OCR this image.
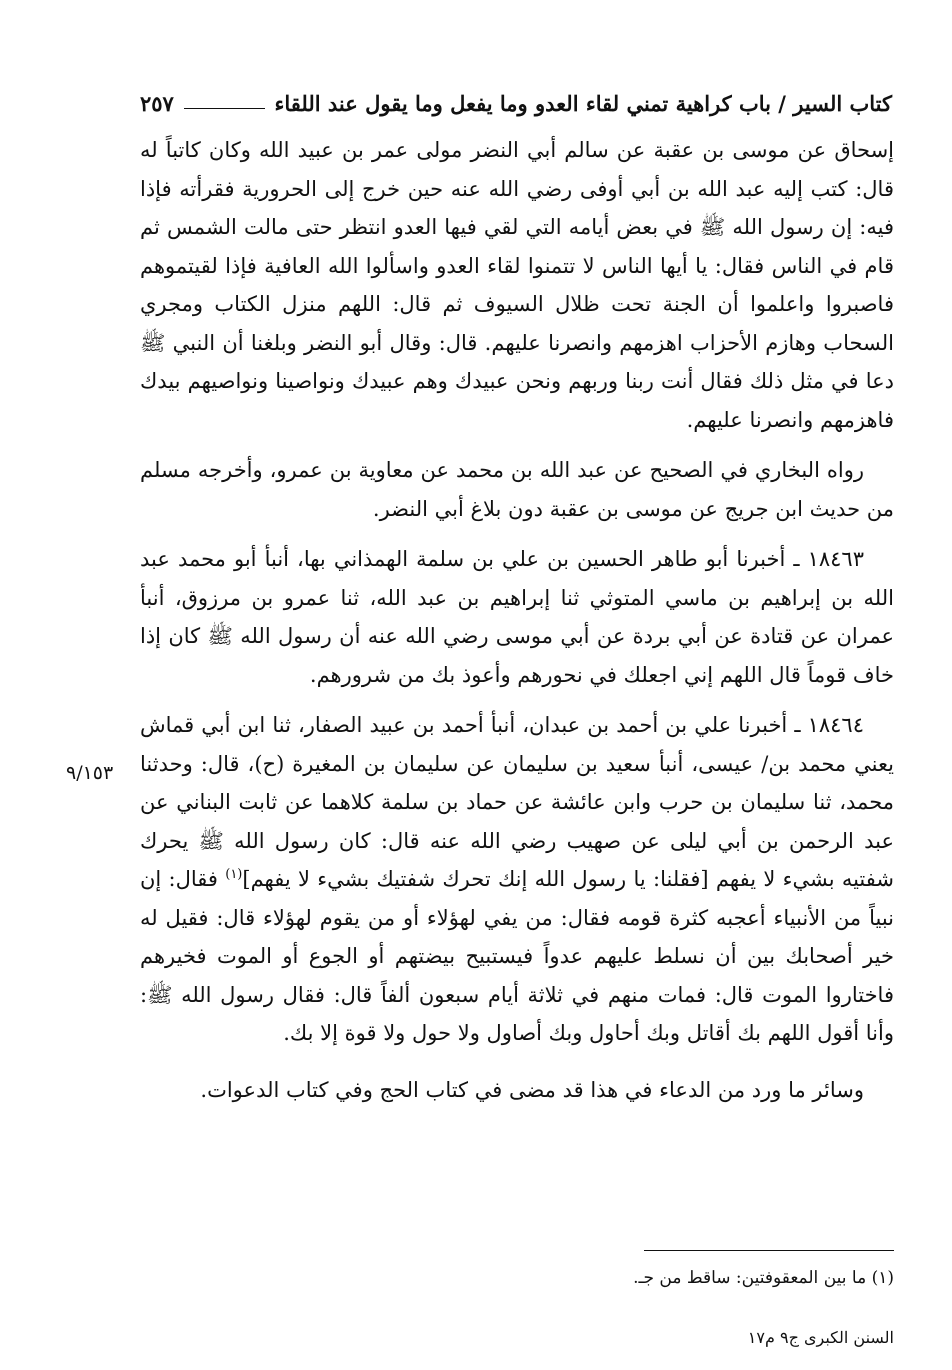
كتاب السير / باب كراهية تمني لقاء العدو وما يفعل وما يقول عند اللقاء
٢٥٧

إسحاق عن موسى بن عقبة عن سالم أبي النضر مولى عمر بن عبيد الله وكان كاتباً له قال: كتب إليه عبد الله بن أبي أوفى رضي الله عنه حين خرج إلى الحرورية فقرأته فإذا فيه: إن رسول الله ﷺ في بعض أيامه التي لقي فيها العدو انتظر حتى مالت الشمس ثم قام في الناس فقال: يا أيها الناس لا تتمنوا لقاء العدو واسألوا الله العافية فإذا لقيتموهم فاصبروا واعلموا أن الجنة تحت ظلال السيوف ثم قال: اللهم منزل الكتاب ومجري السحاب وهازم الأحزاب اهزمهم وانصرنا عليهم. قال: وقال أبو النضر وبلغنا أن النبي ﷺ دعا في مثل ذلك فقال أنت ربنا وربهم ونحن عبيدك وهم عبيدك ونواصينا ونواصيهم بيدك فاهزمهم وانصرنا عليهم.

رواه البخاري في الصحيح عن عبد الله بن محمد عن معاوية بن عمرو، وأخرجه مسلم من حديث ابن جريج عن موسى بن عقبة دون بلاغ أبي النضر.

١٨٤٦٣ ـ أخبرنا أبو طاهر الحسين بن علي بن سلمة الهمذاني بها، أنبأ أبو محمد عبد الله بن إبراهيم بن ماسي المتوثي ثنا إبراهيم بن عبد الله، ثنا عمرو بن مرزوق، أنبأ عمران عن قتادة عن أبي بردة عن أبي موسى رضي الله عنه أن رسول الله ﷺ كان إذا خاف قوماً قال اللهم إني اجعلك في نحورهم وأعوذ بك من شرورهم.

١٨٤٦٤ ـ أخبرنا علي بن أحمد بن عبدان، أنبأ أحمد بن عبيد الصفار، ثنا ابن أبي قماش يعني محمد بن/ عيسى، أنبأ سعيد بن سليمان عن سليمان بن المغيرة (ح)، قال: وحدثنا محمد، ثنا سليمان بن حرب وابن عائشة عن حماد بن سلمة كلاهما عن ثابت البناني عن عبد الرحمن بن أبي ليلى عن صهيب رضي الله عنه قال: كان رسول الله ﷺ يحرك شفتيه بشيء لا يفهم [فقلنا: يا رسول الله إنك تحرك شفتيك بشيء لا يفهم]$^{(١)}$ فقال: إن نبياً من الأنبياء أعجبه كثرة قومه فقال: من يفي لهؤلاء أو من يقوم لهؤلاء قال: فقيل له خير أصحابك بين أن نسلط عليهم عدواً فيستبيح بيضتهم أو الجوع أو الموت فخيرهم فاختاروا الموت قال: فمات منهم في ثلاثة أيام سبعون ألفاً قال: فقال رسول الله ﷺ: وأنا أقول اللهم بك أقاتل وبك أحاول وبك أصاول ولا حول ولا قوة إلا بك.

وسائر ما ورد من الدعاء في هذا قد مضى في كتاب الحج وفي كتاب الدعوات.

٩/١٥٣
(١) ما بين المعقوفتين: ساقط من جـ.
السنن الكبرى ج٩ م١٧
